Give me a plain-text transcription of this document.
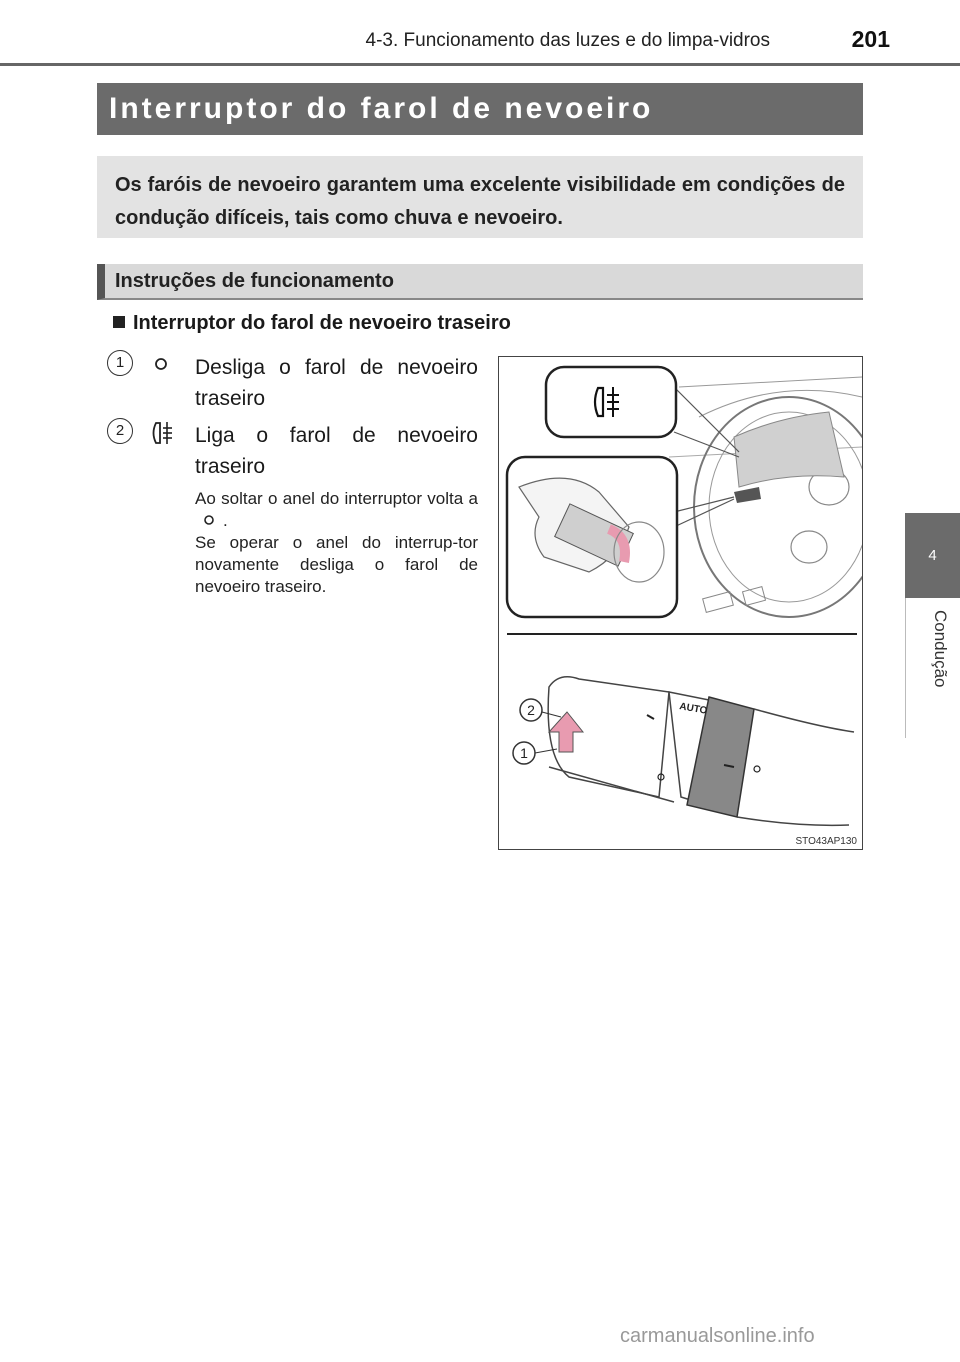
4-3. Funcionamento das luzes e do limpa-vidros	201
4
Condução
Interruptor do farol de nevoeiro
Os faróis de nevoeiro garantem uma excelente visibilidade em condições de condução difíceis, tais como chuva e nevoeiro.
Instruções de funcionamento
Interruptor do farol de nevoeiro traseiro
1	Desliga o farol de nevoeiro traseiro
2	Liga o farol de nevoeiro traseiro
Ao soltar o anel do interruptor volta a .
Se operar o anel do interrup-tor novamente desliga o farol de nevoeiro traseiro.
AUTO
2
1
STO43AP130
carmanualsonline.info
